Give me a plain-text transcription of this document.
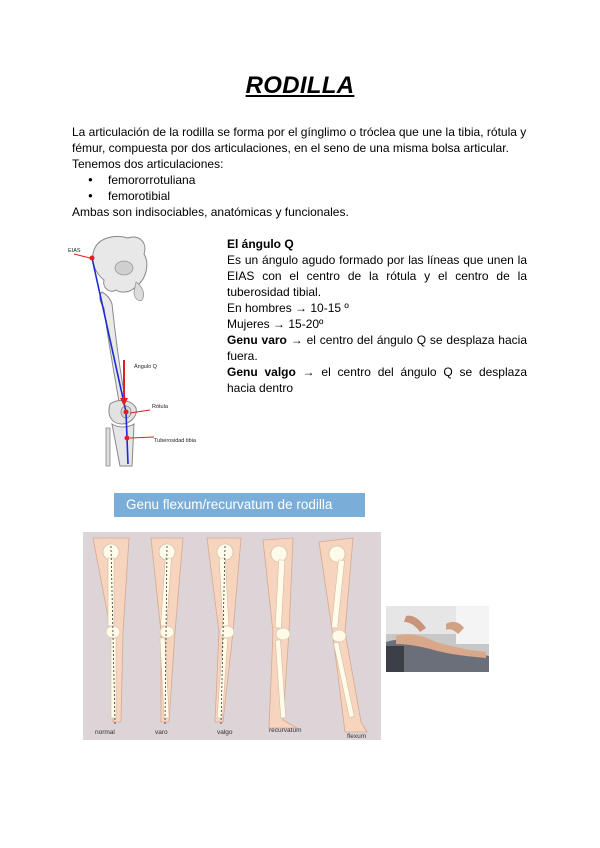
RODILLA

La articulación de la rodilla se forma por el gínglimo o tróclea que une la tibia, rótula y fémur, compuesta por dos articulaciones, en el seno de una misma bolsa articular.

Tenemos dos articulaciones:

● femororrotuliana
● femorotibial

Ambas son indisociables, anatómicas y funcionales.

EIAS
Ángulo Q
Rótula
Tuberosidad tibia

El ángulo Q

Es un ángulo agudo formado por las líneas que unen la EIAS con el centro de la rótula y el centro de la tuberosidad tibial.

En hombres → 10-15 º

Mujeres → 15-20º

Genu varo → el centro del ángulo Q se desplaza hacia fuera.

Genu valgo → el centro del ángulo Q se desplaza hacia dentro

Genu flexum/recurvatum de rodilla
normal	varo	valgo	recurvatum
flexum
